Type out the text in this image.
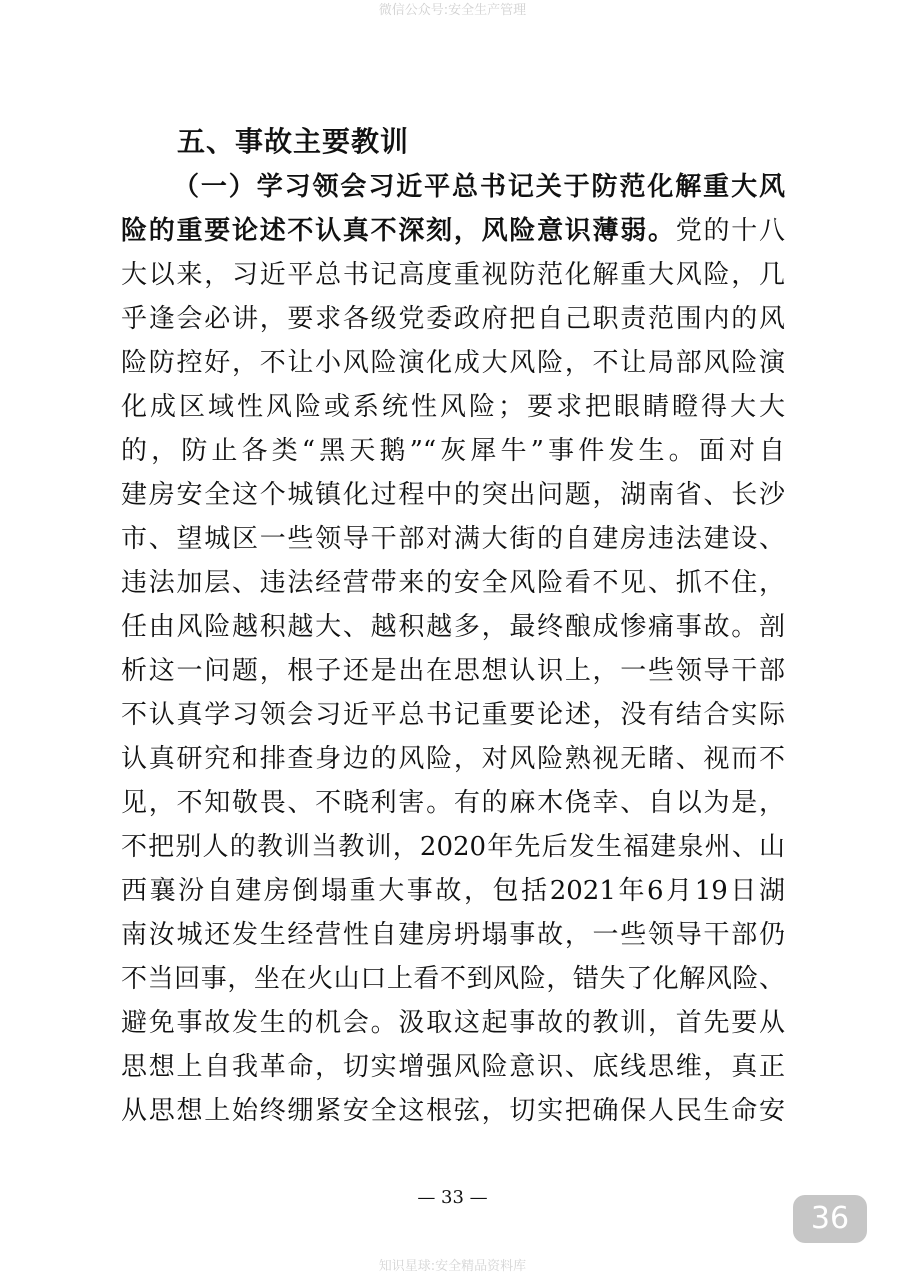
微信公众号:安全生产管理
五、事故主要教训
（一）学习领会习近平总书记关于防范化解重大风
险的重要论述不认真不深刻，风险意识薄弱。党的十八
大以来，习近平总书记高度重视防范化解重大风险，几
乎逢会必讲，要求各级党委政府把自己职责范围内的风
险防控好，不让小风险演化成大风险，不让局部风险演
化成区域性风险或系统性风险；要求把眼睛瞪得大大
的，防止各类“黑天鹅”“灰犀牛”事件发生。面对自
建房安全这个城镇化过程中的突出问题，湖南省、长沙
市、望城区一些领导干部对满大街的自建房违法建设、
违法加层、违法经营带来的安全风险看不见、抓不住，
任由风险越积越大、越积越多，最终酿成惨痛事故。剖
析这一问题，根子还是出在思想认识上，一些领导干部
不认真学习领会习近平总书记重要论述，没有结合实际
认真研究和排查身边的风险，对风险熟视无睹、视而不
见，不知敬畏、不晓利害。有的麻木侥幸、自以为是，
不把别人的教训当教训，2020年先后发生福建泉州、山
西襄汾自建房倒塌重大事故，包括2021年6月19日湖
南汝城还发生经营性自建房坍塌事故，一些领导干部仍
不当回事，坐在火山口上看不到风险，错失了化解风险、
避免事故发生的机会。汲取这起事故的教训，首先要从
思想上自我革命，切实增强风险意识、底线思维，真正
从思想上始终绷紧安全这根弦，切实把确保人民生命安
— 33 —
36
知识星球:安全精品资料库
